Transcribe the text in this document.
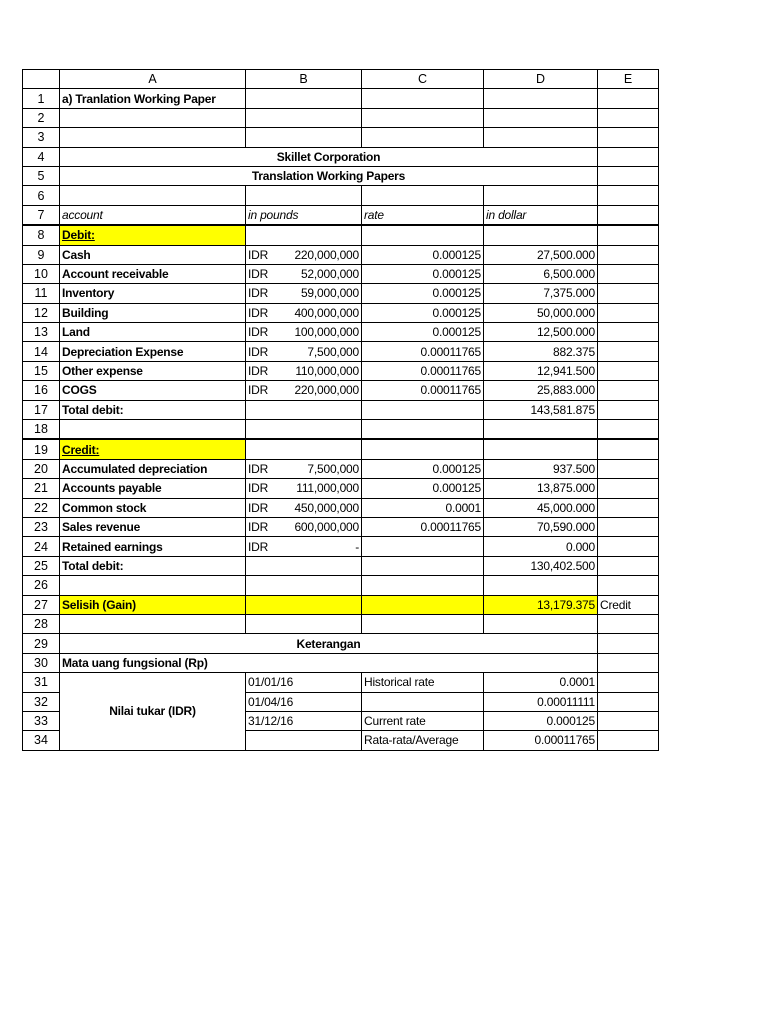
	A	B	C	D	E
1	a) Tranlation Working Paper				
2					
3					
4	Skillet Corporation				
5	Translation Working Papers				
6					
7	account	in pounds	rate	in dollar	
8	Debit:				
9	Cash	IDR 220,000,000	0.000125	27,500.000	
10	Account receivable	IDR 52,000,000	0.000125	6,500.000	
11	Inventory	IDR 59,000,000	0.000125	7,375.000	
12	Building	IDR 400,000,000	0.000125	50,000.000	
13	Land	IDR 100,000,000	0.000125	12,500.000	
14	Depreciation Expense	IDR 7,500,000	0.00011765	882.375	
15	Other expense	IDR 110,000,000	0.00011765	12,941.500	
16	COGS	IDR 220,000,000	0.00011765	25,883.000	
17	Total debit:			143,581.875	
18					
19	Credit:				
20	Accumulated depreciation	IDR 7,500,000	0.000125	937.500	
21	Accounts payable	IDR 111,000,000	0.000125	13,875.000	
22	Common stock	IDR 450,000,000	0.0001	45,000.000	
23	Sales revenue	IDR 600,000,000	0.00011765	70,590.000	
24	Retained earnings	IDR -		0.000	
25	Total debit:			130,402.500	
26					
27	Selisih (Gain)			13,179.375	Credit
28					
29	Keterangan				
30	Mata uang fungsional (Rp)				
31	Nilai tukar (IDR)	01/01/16	Historical rate	0.0001	
32		01/04/16		0.00011111	
33		31/12/16	Current rate	0.000125	
34			Rata-rata/Average	0.00011765	
